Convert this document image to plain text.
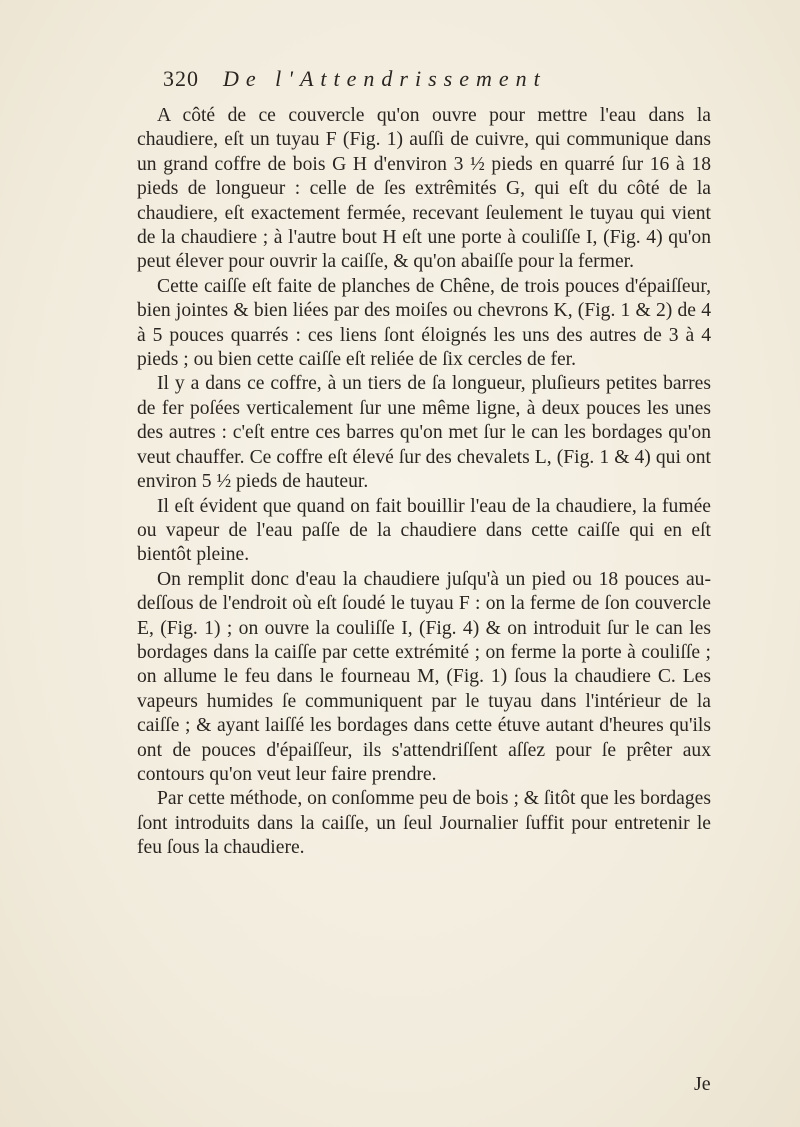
320	De l'Attendrissement

A côté de ce couvercle qu'on ouvre pour mettre l'eau dans la chaudiere, eſt un tuyau F (Fig. 1) auſſi de cuivre, qui communique dans un grand coffre de bois G H d'environ 3 ½ pieds en quarré ſur 16 à 18 pieds de longueur : celle de ſes extrêmités G, qui eſt du côté de la chaudiere, eſt exactement fermée, recevant ſeulement le tuyau qui vient de la chaudiere ; à l'autre bout H eſt une porte à couliſſe I, (Fig. 4) qu'on peut élever pour ouvrir la caiſſe, & qu'on abaiſſe pour la fermer.

Cette caiſſe eſt faite de planches de Chêne, de trois pouces d'épaiſſeur, bien jointes & bien liées par des moiſes ou chevrons K, (Fig. 1 & 2) de 4 à 5 pouces quarrés : ces liens ſont éloignés les uns des autres de 3 à 4 pieds ; ou bien cette caiſſe eſt reliée de ſix cercles de fer.

Il y a dans ce coffre, à un tiers de ſa longueur, pluſieurs petites barres de fer poſées verticalement ſur une même ligne, à deux pouces les unes des autres : c'eſt entre ces barres qu'on met ſur le can les bordages qu'on veut chauffer. Ce coffre eſt élevé ſur des chevalets L, (Fig. 1 & 4) qui ont environ 5 ½ pieds de hauteur.

Il eſt évident que quand on fait bouillir l'eau de la chaudiere, la fumée ou vapeur de l'eau paſſe de la chaudiere dans cette caiſſe qui en eſt bientôt pleine.

On remplit donc d'eau la chaudiere juſqu'à un pied ou 18 pouces au-deſſous de l'endroit où eſt ſoudé le tuyau F : on la ferme de ſon couvercle E, (Fig. 1) ; on ouvre la couliſſe I, (Fig. 4) & on introduit ſur le can les bordages dans la caiſſe par cette extrémité ; on ferme la porte à couliſſe ; on allume le feu dans le fourneau M, (Fig. 1) ſous la chaudiere C. Les vapeurs humides ſe communiquent par le tuyau dans l'intérieur de la caiſſe ; & ayant laiſſé les bordages dans cette étuve autant d'heures qu'ils ont de pouces d'épaiſſeur, ils s'attendriſſent aſſez pour ſe prêter aux contours qu'on veut leur faire prendre.

Par cette méthode, on conſomme peu de bois ; & ſitôt que les bordages ſont introduits dans la caiſſe, un ſeul Journalier ſuffit pour entretenir le feu ſous la chaudiere.

Je
